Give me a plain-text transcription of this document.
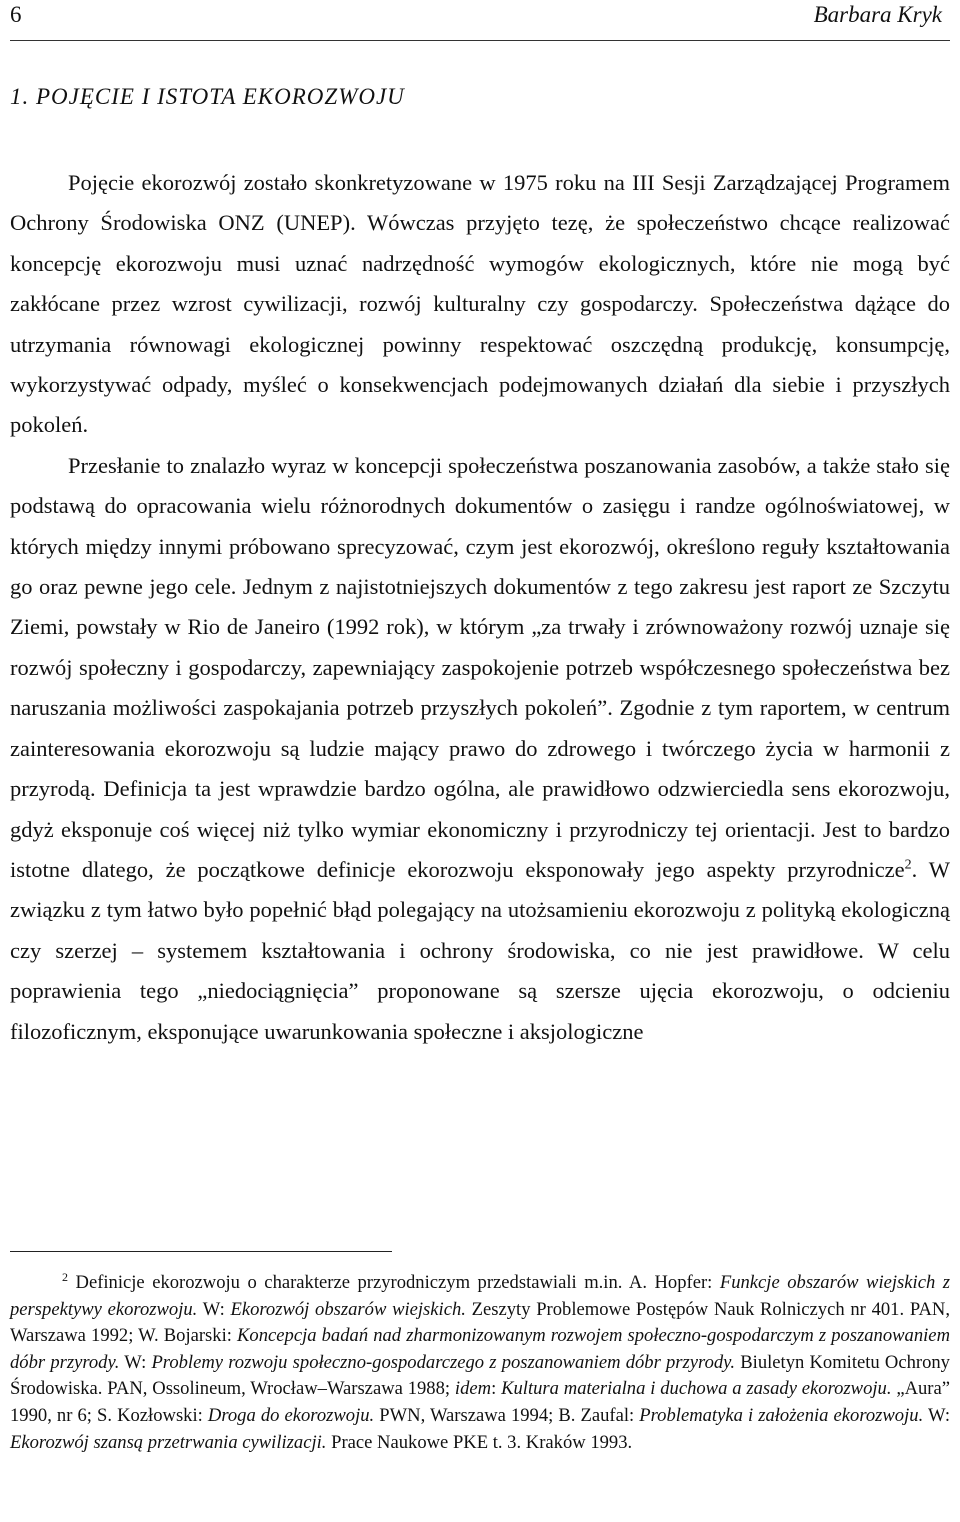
6	Barbara Kryk
1. POJĘCIE I ISTOTA EKOROZWOJU

Pojęcie ekorozwój zostało skonkretyzowane w 1975 roku na III Sesji Zarządzającej Programem Ochrony Środowiska ONZ (UNEP). Wówczas przyjęto tezę, że społeczeństwo chcące realizować koncepcję ekorozwoju musi uznać nadrzędność wymogów ekologicznych, które nie mogą być zakłócane przez wzrost cywilizacji, rozwój kulturalny czy gospodarczy. Społeczeństwa dążące do utrzymania równowagi ekologicznej powinny respektować oszczędną produkcję, konsumpcję, wykorzystywać odpady, myśleć o konsekwencjach podejmowanych działań dla siebie i przyszłych pokoleń.

Przesłanie to znalazło wyraz w koncepcji społeczeństwa poszanowania zasobów, a także stało się podstawą do opracowania wielu różnorodnych dokumentów o zasięgu i randze ogólnoświatowej, w których między innymi próbowano sprecyzować, czym jest ekorozwój, określono reguły kształtowania go oraz pewne jego cele. Jednym z najistotniejszych dokumentów z tego zakresu jest raport ze Szczytu Ziemi, powstały w Rio de Janeiro (1992 rok), w którym „za trwały i zrównoważony rozwój uznaje się rozwój społeczny i gospodarczy, zapewniający zaspokojenie potrzeb współczesnego społeczeństwa bez naruszania możliwości zaspokajania potrzeb przyszłych pokoleń”. Zgodnie z tym raportem, w centrum zainteresowania ekorozwoju są ludzie mający prawo do zdrowego i twórczego życia w harmonii z przyrodą. Definicja ta jest wprawdzie bardzo ogólna, ale prawidłowo odzwierciedla sens ekorozwoju, gdyż eksponuje coś więcej niż tylko wymiar ekonomiczny i przyrodniczy tej orientacji. Jest to bardzo istotne dlatego, że początkowe definicje ekorozwoju eksponowały jego aspekty przyrodnicze$^2$. W związku z tym łatwo było popełnić błąd polegający na utożsamieniu ekorozwoju z polityką ekologiczną czy szerzej – systemem kształtowania i ochrony środowiska, co nie jest prawidłowe. W celu poprawienia tego „niedociągnięcia” proponowane są szersze ujęcia ekorozwoju, o odcieniu filozoficznym, eksponujące uwarunkowania społeczne i aksjologiczne

$^2$ Definicje ekorozwoju o charakterze przyrodniczym przedstawiali m.in. A. Hopfer: Funkcje obszarów wiejskich z perspektywy ekorozwoju. W: Ekorozwój obszarów wiejskich. Zeszyty Problemowe Postępów Nauk Rolniczych nr 401. PAN, Warszawa 1992; W. Bojarski: Koncepcja badań nad zharmonizowanym rozwojem społeczno-gospodarczym z poszanowaniem dóbr przyrody. W: Problemy rozwoju społeczno-gospodarczego z poszanowaniem dóbr przyrody. Biuletyn Komitetu Ochrony Środowiska. PAN, Ossolineum, Wrocław–Warszawa 1988; idem: Kultura materialna i duchowa a zasady ekorozwoju. „Aura” 1990, nr 6; S. Kozłowski: Droga do ekorozwoju. PWN, Warszawa 1994; B. Zaufal: Problematyka i założenia ekorozwoju. W: Ekorozwój szansą przetrwania cywilizacji. Prace Naukowe PKE t. 3. Kraków 1993.
